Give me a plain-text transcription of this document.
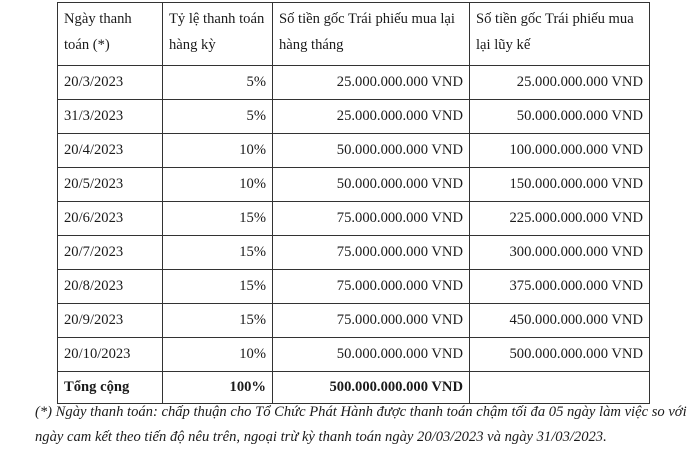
Ngày thanh toán (*)	Tỷ lệ thanh toán hàng kỳ	Số tiền gốc Trái phiếu mua lại hàng tháng	Số tiền gốc Trái phiếu mua lại lũy kế
20/3/2023	5%	25.000.000.000 VND	25.000.000.000 VND
31/3/2023	5%	25.000.000.000 VND	50.000.000.000 VND
20/4/2023	10%	50.000.000.000 VND	100.000.000.000 VND
20/5/2023	10%	50.000.000.000 VND	150.000.000.000 VND
20/6/2023	15%	75.000.000.000 VND	225.000.000.000 VND
20/7/2023	15%	75.000.000.000 VND	300.000.000.000 VND
20/8/2023	15%	75.000.000.000 VND	375.000.000.000 VND
20/9/2023	15%	75.000.000.000 VND	450.000.000.000 VND
20/10/2023	10%	50.000.000.000 VND	500.000.000.000 VND
Tổng cộng	100%	500.000.000.000 VND	

(*) Ngày thanh toán: chấp thuận cho Tổ Chức Phát Hành được thanh toán chậm tối đa 05 ngày làm việc so với ngày cam kết theo tiến độ nêu trên, ngoại trừ kỳ thanh toán ngày 20/03/2023 và ngày 31/03/2023.
